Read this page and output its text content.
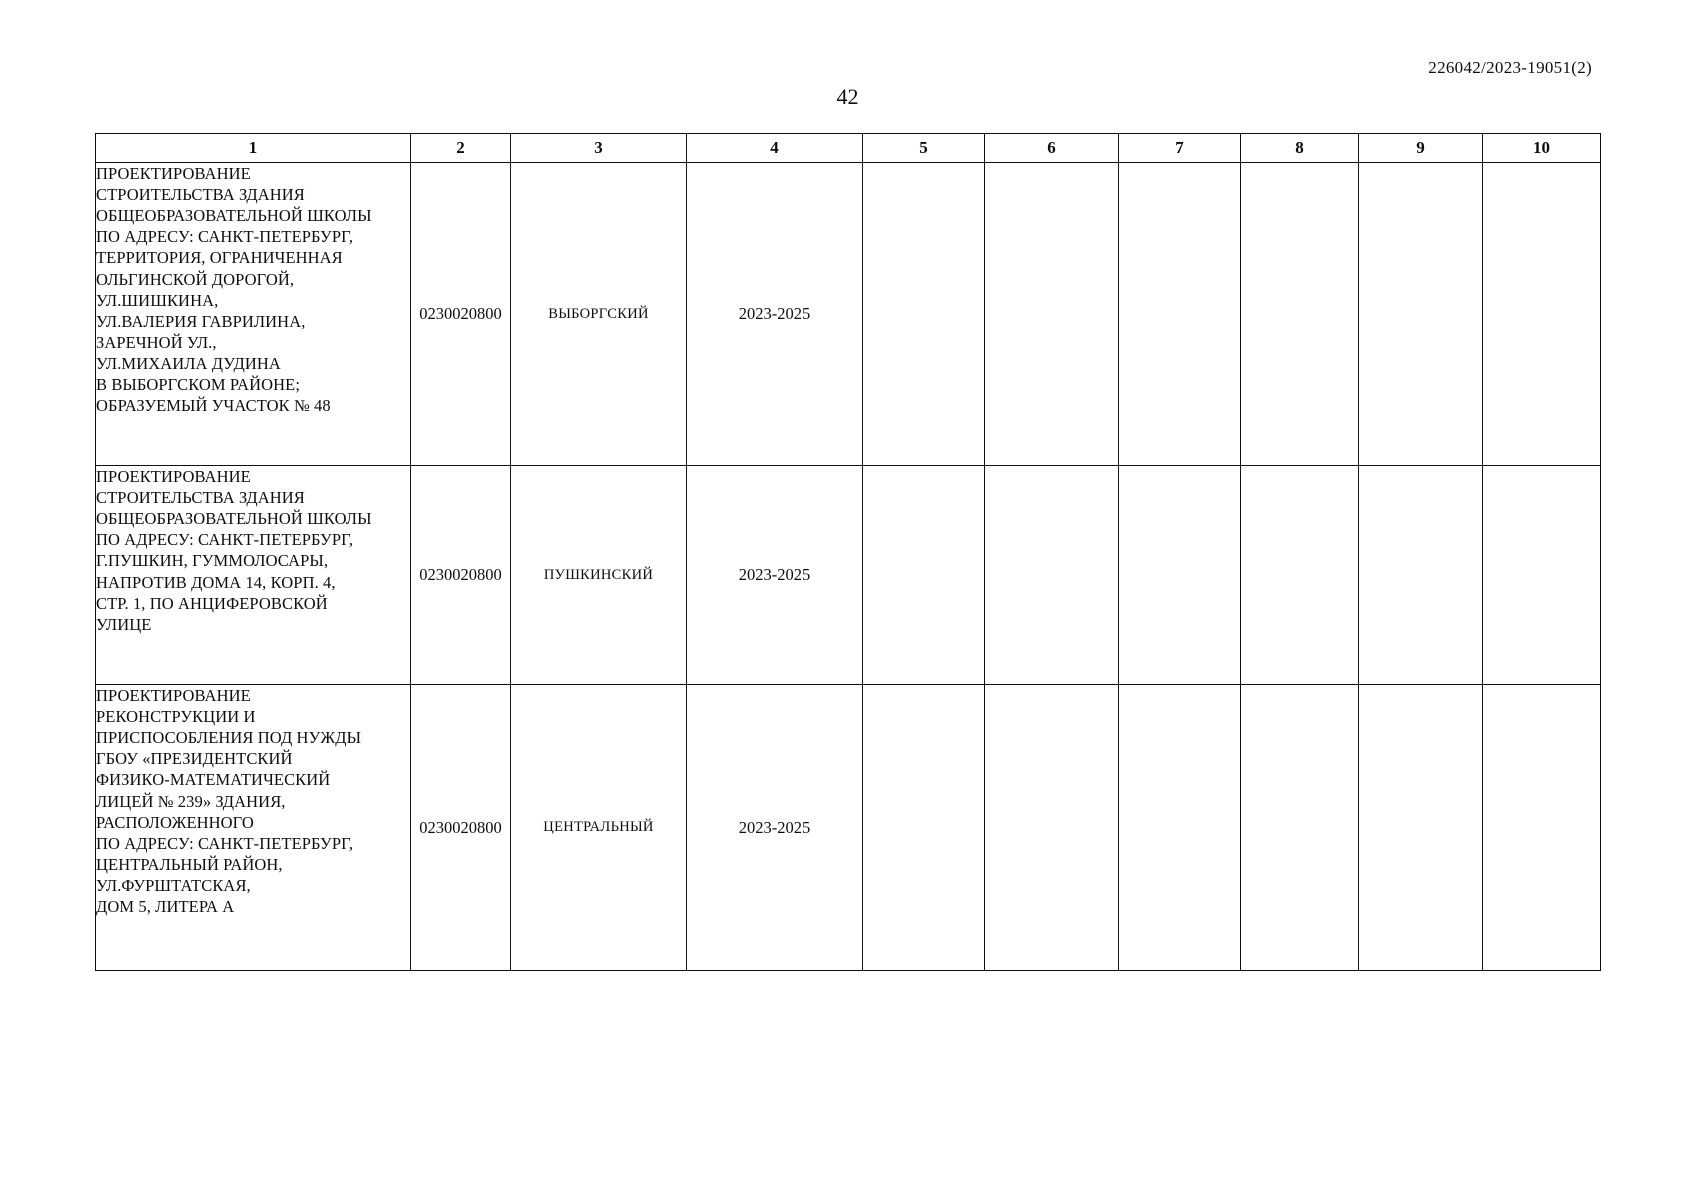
226042/2023-19051(2)
42
1	2	3	4	5	6	7	8	9	10

ПРОЕКТИРОВАНИЕ
СТРОИТЕЛЬСТВА ЗДАНИЯ
ОБЩЕОБРАЗОВАТЕЛЬНОЙ ШКОЛЫ
ПО АДРЕСУ: САНКТ-ПЕТЕРБУРГ,
ТЕРРИТОРИЯ, ОГРАНИЧЕННАЯ
ОЛЬГИНСКОЙ ДОРОГОЙ,
УЛ.ШИШКИНА,
УЛ.ВАЛЕРИЯ ГАВРИЛИНА,
ЗАРЕЧНОЙ УЛ.,
УЛ.МИХАИЛА ДУДИНА
В ВЫБОРГСКОМ РАЙОНЕ;
ОБРАЗУЕМЫЙ УЧАСТОК № 48
	0230020800	ВЫБОРГСКИЙ	2023-2025						

ПРОЕКТИРОВАНИЕ
СТРОИТЕЛЬСТВА ЗДАНИЯ
ОБЩЕОБРАЗОВАТЕЛЬНОЙ ШКОЛЫ
ПО АДРЕСУ: САНКТ-ПЕТЕРБУРГ,
Г.ПУШКИН, ГУММОЛОСАРЫ,
НАПРОТИВ ДОМА 14, КОРП. 4,
СТР. 1, ПО АНЦИФЕРОВСКОЙ
УЛИЦЕ
	0230020800	ПУШКИНСКИЙ	2023-2025						

ПРОЕКТИРОВАНИЕ
РЕКОНСТРУКЦИИ И
ПРИСПОСОБЛЕНИЯ ПОД НУЖДЫ
ГБОУ «ПРЕЗИДЕНТСКИЙ
ФИЗИКО-МАТЕМАТИЧЕСКИЙ
ЛИЦЕЙ № 239» ЗДАНИЯ,
РАСПОЛОЖЕННОГО
ПО АДРЕСУ: САНКТ-ПЕТЕРБУРГ,
ЦЕНТРАЛЬНЫЙ РАЙОН,
УЛ.ФУРШТАТСКАЯ,
ДОМ 5, ЛИТЕРА А
	0230020800	ЦЕНТРАЛЬНЫЙ	2023-2025						
